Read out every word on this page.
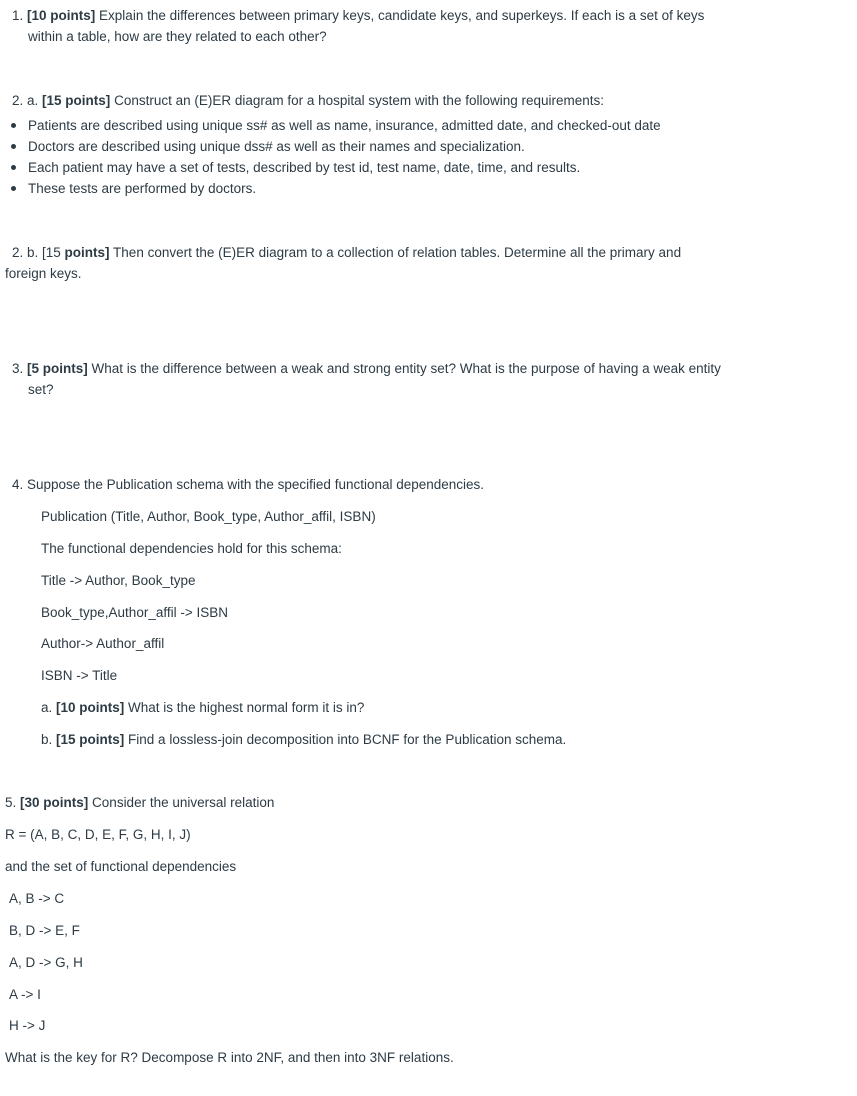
1. [10 points] Explain the differences between primary keys, candidate keys, and superkeys. If each is a set of keys
within a table, how are they related to each other?
2. a. [15 points] Construct an (E)ER diagram for a hospital system with the following requirements:
Patients are described using unique ss# as well as name, insurance, admitted date, and checked-out date
Doctors are described using unique dss# as well as their names and specialization.
Each patient may have a set of tests, described by test id, test name, date, time, and results.
These tests are performed by doctors.
2. b. [15 points] Then convert the (E)ER diagram to a collection of relation tables. Determine all the primary and
foreign keys.
3. [5 points] What is the difference between a weak and strong entity set? What is the purpose of having a weak entity
set?
4. Suppose the Publication schema with the specified functional dependencies.
Publication (Title, Author, Book_type, Author_affil, ISBN)
The functional dependencies hold for this schema:
Title -> Author, Book_type
Book_type,Author_affil -> ISBN
Author-> Author_affil
ISBN -> Title
a. [10 points] What is the highest normal form it is in?
b. [15 points] Find a lossless-join decomposition into BCNF for the Publication schema.
5. [30 points] Consider the universal relation
R = (A, B, C, D, E, F, G, H, I, J)
and the set of functional dependencies
A, B -> C
B, D -> E, F
A, D -> G, H
A -> I
H -> J
What is the key for R? Decompose R into 2NF, and then into 3NF relations.
